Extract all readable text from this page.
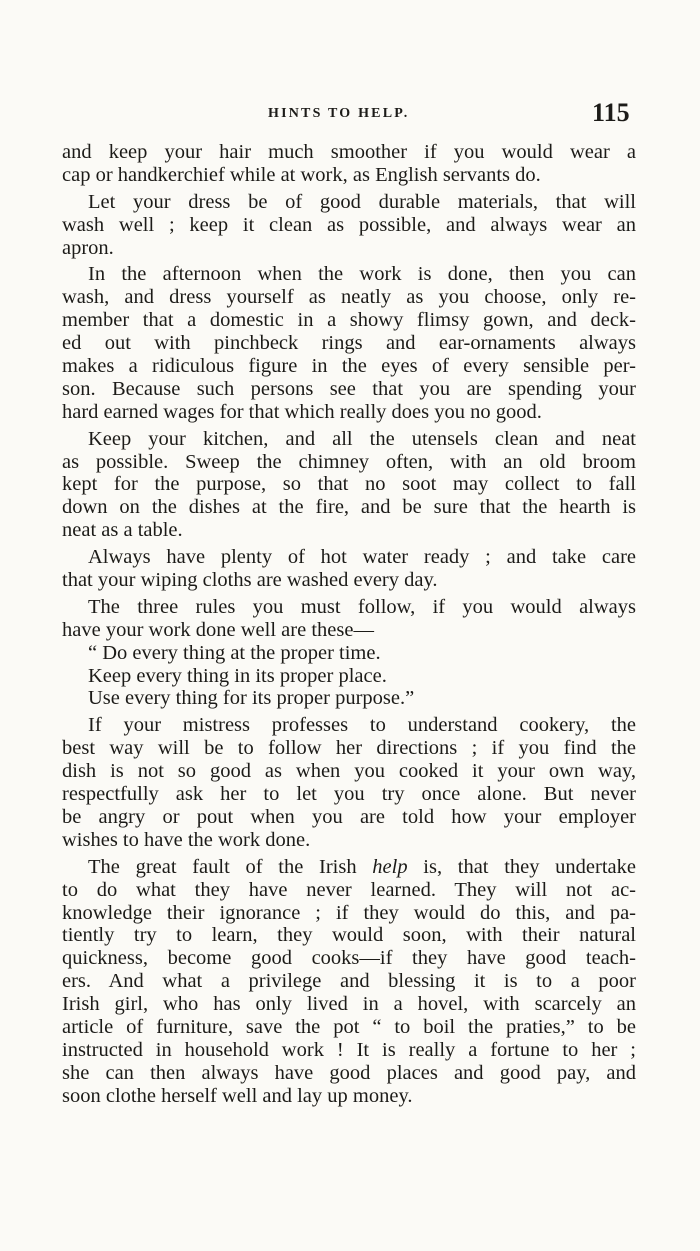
HINTS TO HELP.	115
and keep your hair much smoother if you would wear a
cap or handkerchief while at work, as English servants do.
Let your dress be of good durable materials, that will
wash well ; keep it clean as possible, and always wear an
apron.
In the afternoon when the work is done, then you can
wash, and dress yourself as neatly as you choose, only re-
member that a domestic in a showy flimsy gown, and deck-
ed out with pinchbeck rings and ear-ornaments always
makes a ridiculous figure in the eyes of every sensible per-
son. Because such persons see that you are spending your
hard earned wages for that which really does you no good.
Keep your kitchen, and all the utensels clean and neat
as possible. Sweep the chimney often, with an old broom
kept for the purpose, so that no soot may collect to fall
down on the dishes at the fire, and be sure that the hearth is
neat as a table.
Always have plenty of hot water ready ; and take care
that your wiping cloths are washed every day.
The three rules you must follow, if you would always
have your work done well are these—
“ Do every thing at the proper time.
Keep every thing in its proper place.
Use every thing for its proper purpose.”
If your mistress professes to understand cookery, the
best way will be to follow her directions ; if you find the
dish is not so good as when you cooked it your own way,
respectfully ask her to let you try once alone. But never
be angry or pout when you are told how your employer
wishes to have the work done.
The great fault of the Irish help is, that they undertake
to do what they have never learned. They will not ac-
knowledge their ignorance ; if they would do this, and pa-
tiently try to learn, they would soon, with their natural
quickness, become good cooks—if they have good teach-
ers. And what a privilege and blessing it is to a poor
Irish girl, who has only lived in a hovel, with scarcely an
article of furniture, save the pot “ to boil the praties,” to be
instructed in household work ! It is really a fortune to her ;
she can then always have good places and good pay, and
soon clothe herself well and lay up money.
